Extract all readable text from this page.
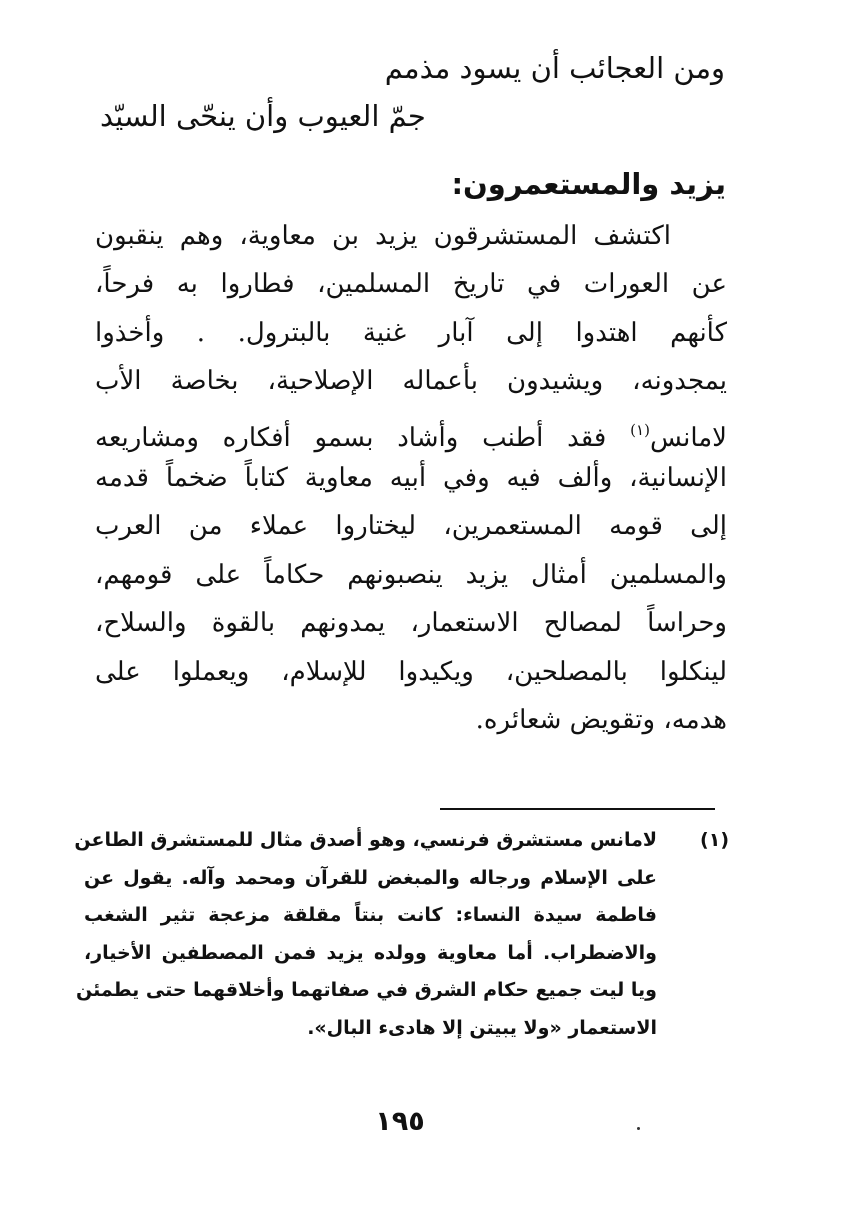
ومن العجائب أن يسود مذمم
جمّ العيوب وأن ينحّى السيّد
يزيد والمستعمرون:
اكتشف المستشرقون يزيد بن معاوية، وهم ينقبون
عن العورات في تاريخ المسلمين، فطاروا به فرحاً،
كأنهم اهتدوا إلى آبار غنية بالبترول. . وأخذوا
يمجدونه، ويشيدون بأعماله الإصلاحية، بخاصة الأب
لامانس$^{(١)}$ فقد أطنب وأشاد بسمو أفكاره ومشاريعه
الإنسانية، وألف فيه وفي أبيه معاوية كتاباً ضخماً قدمه
إلى قومه المستعمرين، ليختاروا عملاء من العرب
والمسلمين أمثال يزيد ينصبونهم حكاماً على قومهم،
وحراساً لمصالح الاستعمار، يمدونهم بالقوة والسلاح،
لينكلوا بالمصلحين، ويكيدوا للإسلام، ويعملوا على
هدمه، وتقويض شعائره.
(١)
لامانس مستشرق فرنسي، وهو أصدق مثال للمستشرق الطاعن
على الإسلام ورجاله والمبغض للقرآن ومحمد وآله. يقول عن
فاطمة سيدة النساء: كانت بنتاً مقلقة مزعجة تثير الشغب
والاضطراب. أما معاوية وولده يزيد فمن المصطفين الأخيار،
ويا ليت جميع حكام الشرق في صفاتهما وأخلاقهما حتى يطمئن
الاستعمار «ولا يبيتن إلا هادىء البال».
١٩٥
